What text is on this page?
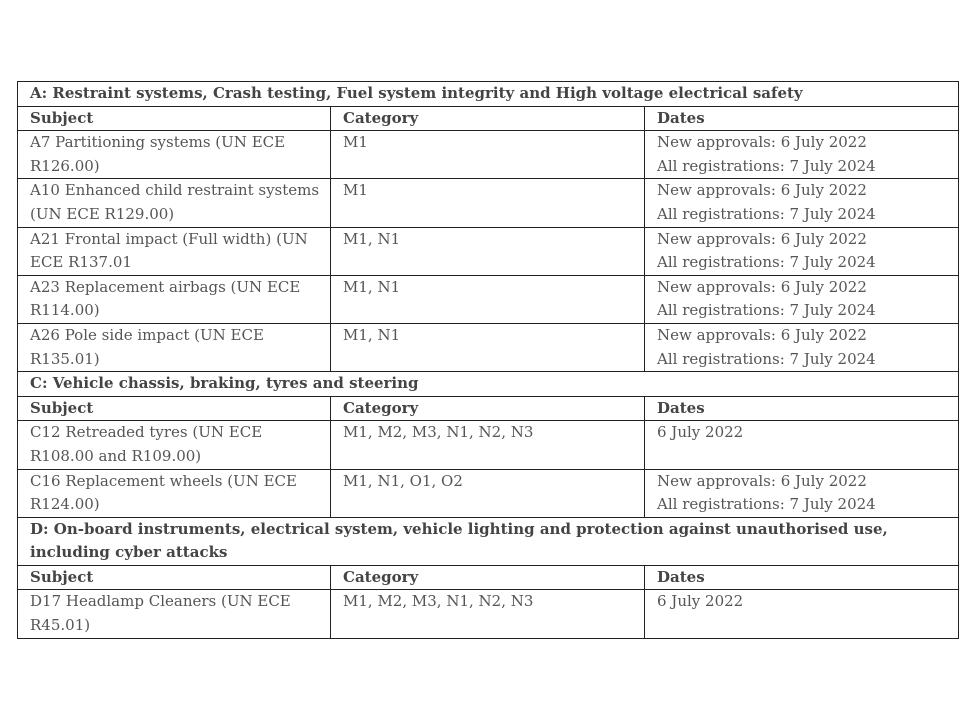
A: Restraint systems, Crash testing, Fuel system integrity and High voltage electrical safety		
Subject	Category	Dates
A7 Partitioning systems (UN ECE R126.00)	M1	New approvals: 6 July 2022
All registrations: 7 July 2024

A10 Enhanced child restraint systems (UN ECE R129.00)	M1	New approvals: 6 July 2022
All registrations: 7 July 2024

A21 Frontal impact (Full width) (UN ECE R137.01	M1, N1	New approvals: 6 July 2022
All registrations: 7 July 2024

A23 Replacement airbags (UN ECE R114.00)	M1, N1	New approvals: 6 July 2022
All registrations: 7 July 2024

A26 Pole side impact (UN ECE R135.01)	M1, N1	New approvals: 6 July 2022
All registrations: 7 July 2024

C: Vehicle chassis, braking, tyres and steering		
Subject	Category	Dates
C12 Retreaded tyres (UN ECE R108.00 and R109.00)	M1, M2, M3, N1, N2, N3	6 July 2022

C16 Replacement wheels (UN ECE R124.00)	M1, N1, O1, O2	New approvals: 6 July 2022
All registrations: 7 July 2024

D: On-board instruments, electrical system, vehicle lighting and protection against unauthorised use, including cyber attacks		
Subject	Category	Dates
D17 Headlamp Cleaners (UN ECE R45.01)	M1, M2, M3, N1, N2, N3	6 July 2022
